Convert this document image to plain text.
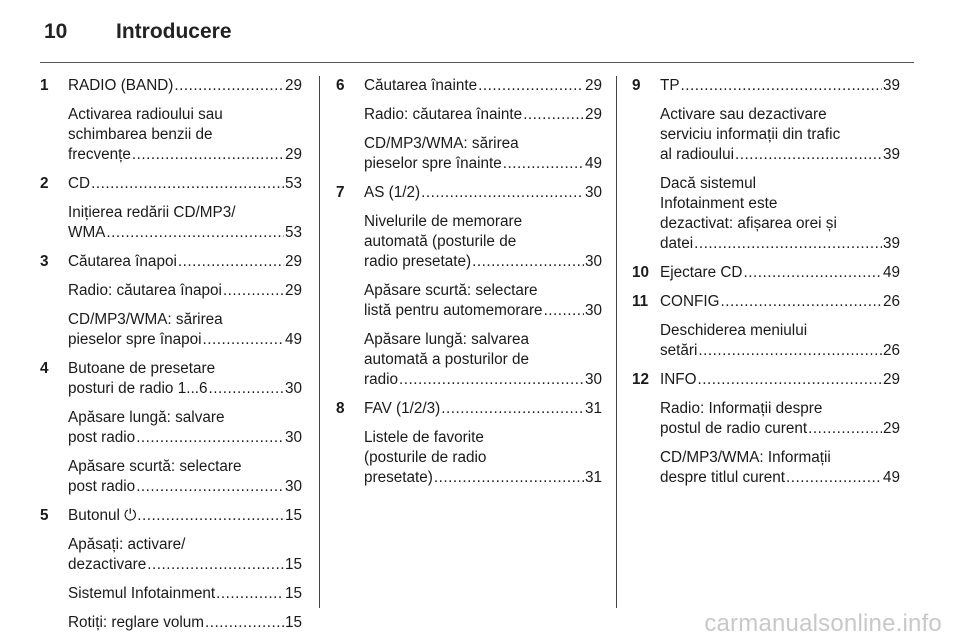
10 Introducere
1	RADIO (BAND) .....	29
Activarea radioului sau
schimbarea benzii de
frecvențe .....	29
2	CD .....	53
Inițierea redării CD/MP3/
WMA .....	53
3	Căutarea înapoi .....	29
Radio: căutarea înapoi .....	29
CD/MP3/WMA: sărirea
pieselor spre înapoi .....	49
4	Butoane de presetare
posturi de radio 1...6 .....	30
Apăsare lungă: salvare
post radio .....	30
Apăsare scurtă: selectare
post radio .....	30
5	Butonul ⏻ .....	15
Apăsați: activare/
dezactivare .....	15
Sistemul Infotainment .....	15
Rotiți: reglare volum .....	15
6	Căutarea înainte .....	29
Radio: căutarea înainte .....	29
CD/MP3/WMA: sărirea
pieselor spre înainte .....	49
7	AS (1/2) .....	30
Nivelurile de memorare
automată (posturile de
radio presetate) .....	30
Apăsare scurtă: selectare
listă pentru automemorare .....	30
Apăsare lungă: salvarea
automată a posturilor de
radio .....	30
8	FAV (1/2/3) .....	31
Listele de favorite
(posturile de radio
presetate) .....	31
9	TP .....	39
Activare sau dezactivare
serviciu informații din trafic
al radioului .....	39
Dacă sistemul
Infotainment este
dezactivat: afișarea orei și
datei .....	39
10 Ejectare CD .....	49
11 CONFIG .....	26
Deschiderea meniului
setări .....	26
12 INFO .....	29
Radio: Informații despre
postul de radio curent .....	29
CD/MP3/WMA: Informații
despre titlul curent .....	49
carmanualsonline.info
